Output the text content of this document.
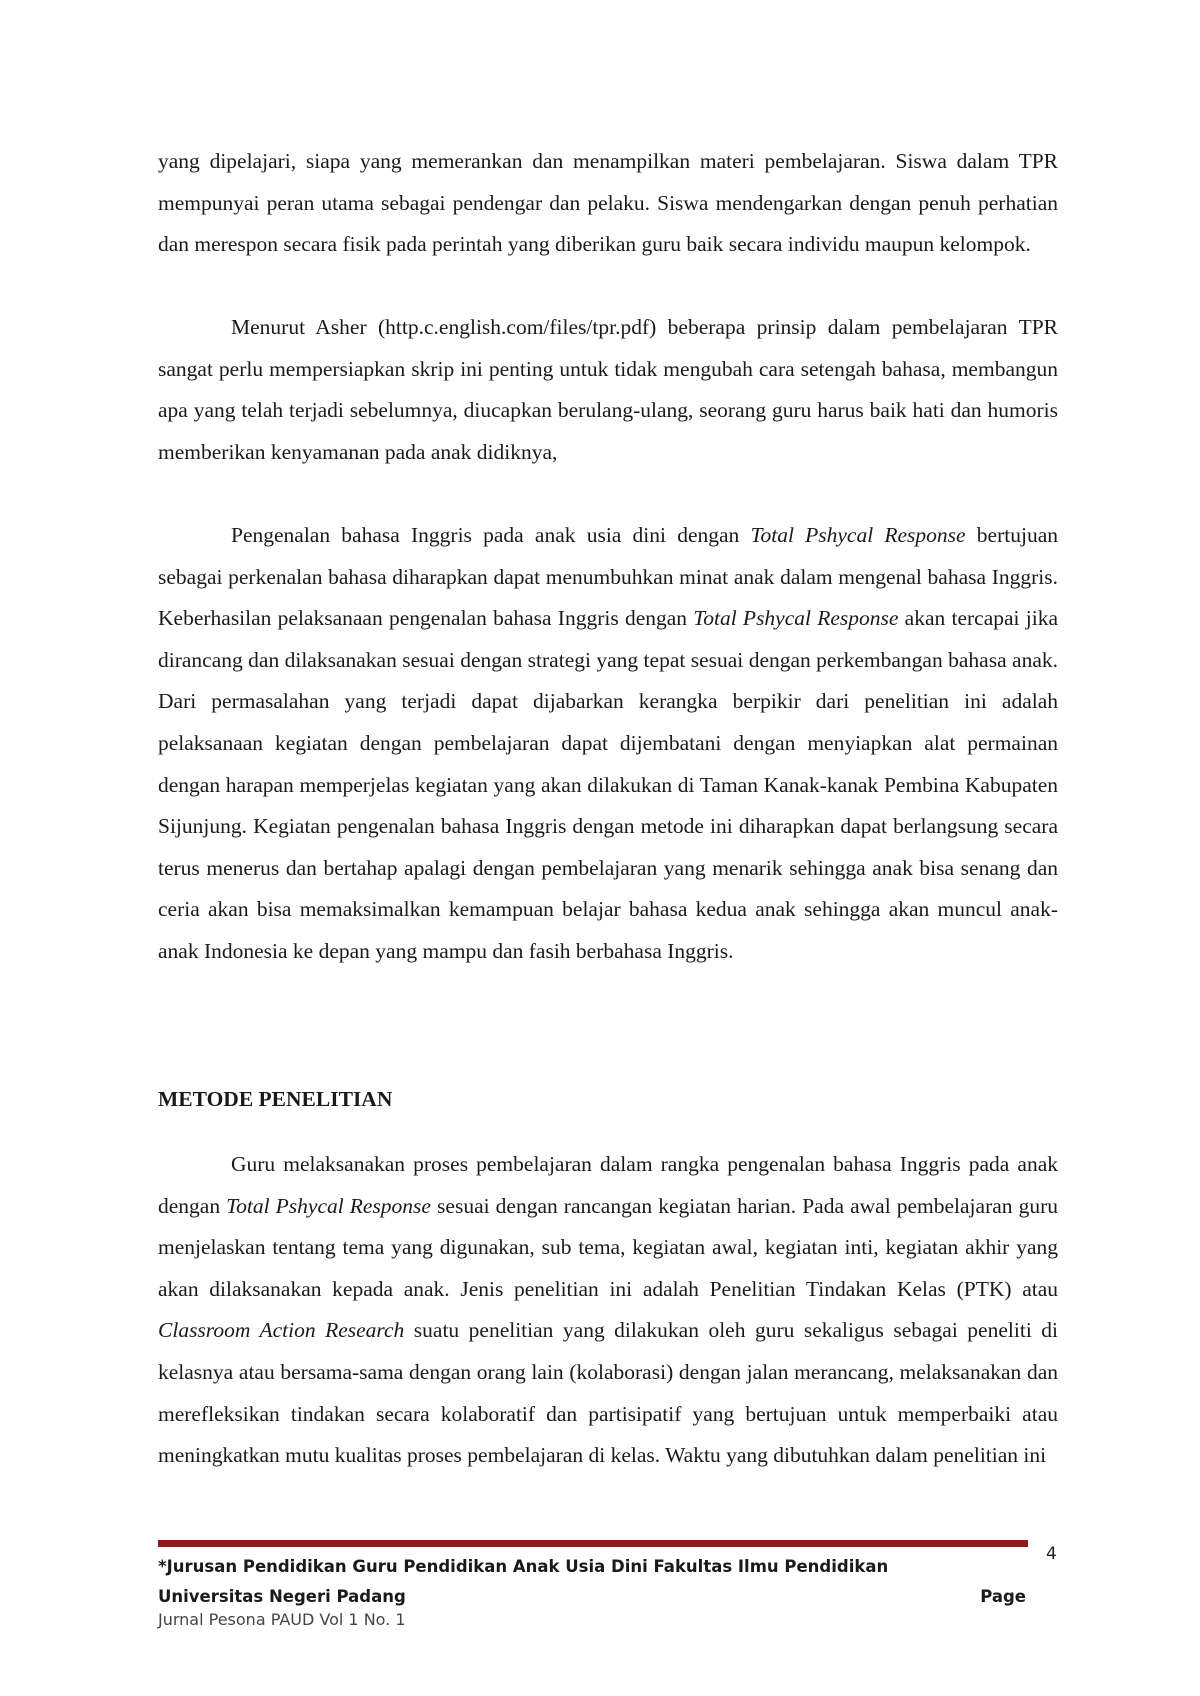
yang dipelajari, siapa yang memerankan dan menampilkan materi pembelajaran. Siswa dalam TPR mempunyai peran utama sebagai pendengar dan pelaku. Siswa mendengarkan dengan penuh perhatian dan merespon secara fisik pada perintah yang diberikan guru baik secara individu maupun kelompok.

Menurut Asher (http.c.english.com/files/tpr.pdf) beberapa prinsip dalam pembelajaran TPR sangat perlu mempersiapkan skrip ini penting untuk tidak mengubah cara setengah bahasa, membangun apa yang telah terjadi sebelumnya, diucapkan berulang-ulang, seorang guru harus baik hati dan humoris memberikan kenyamanan pada anak didiknya,

Pengenalan bahasa Inggris pada anak usia dini dengan Total Pshycal Response bertujuan sebagai perkenalan bahasa diharapkan dapat menumbuhkan minat anak dalam mengenal bahasa Inggris. Keberhasilan pelaksanaan pengenalan bahasa Inggris dengan Total Pshycal Response akan tercapai jika dirancang dan dilaksanakan sesuai dengan strategi yang tepat sesuai dengan perkembangan bahasa anak. Dari permasalahan yang terjadi dapat dijabarkan kerangka berpikir dari penelitian ini adalah pelaksanaan kegiatan dengan pembelajaran dapat dijembatani dengan menyiapkan alat permainan dengan harapan memperjelas kegiatan yang akan dilakukan di Taman Kanak-kanak Pembina Kabupaten Sijunjung. Kegiatan pengenalan bahasa Inggris dengan metode ini diharapkan dapat berlangsung secara terus menerus dan bertahap apalagi dengan pembelajaran yang menarik sehingga anak bisa senang dan ceria akan bisa memaksimalkan kemampuan belajar bahasa kedua anak sehingga akan muncul anak-anak Indonesia ke depan yang mampu dan fasih berbahasa Inggris.

METODE PENELITIAN

Guru melaksanakan proses pembelajaran dalam rangka pengenalan bahasa Inggris pada anak dengan Total Pshycal Response sesuai dengan rancangan kegiatan harian. Pada awal pembelajaran guru menjelaskan tentang tema yang digunakan, sub tema, kegiatan awal, kegiatan inti, kegiatan akhir yang akan dilaksanakan kepada anak. Jenis penelitian ini adalah Penelitian Tindakan Kelas (PTK) atau Classroom Action Research suatu penelitian yang dilakukan oleh guru sekaligus sebagai peneliti di kelasnya atau bersama-sama dengan orang lain (kolaborasi) dengan jalan merancang, melaksanakan dan merefleksikan tindakan secara kolaboratif dan partisipatif yang bertujuan untuk memperbaiki atau meningkatkan mutu kualitas proses pembelajaran di kelas. Waktu yang dibutuhkan dalam penelitian ini

4
*Jurusan Pendidikan Guru Pendidikan Anak Usia Dini Fakultas Ilmu Pendidikan
Universitas Negeri Padang	Page
Jurnal Pesona PAUD Vol 1 No. 1
